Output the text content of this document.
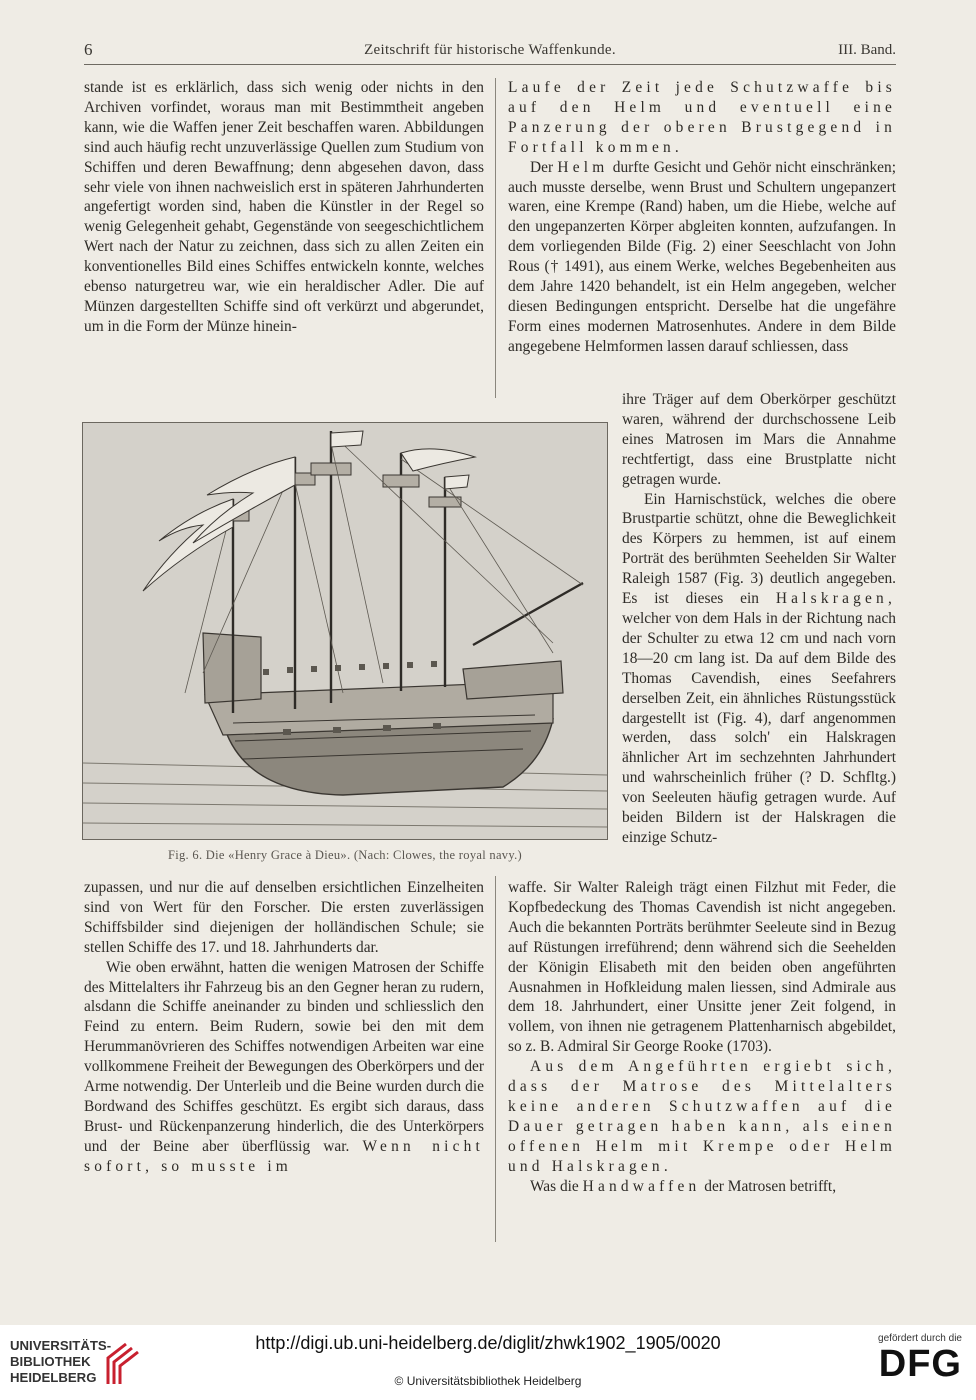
6	Zeitschrift für historische Waffenkunde.	III. Band.

stande ist es erklärlich, dass sich wenig oder nichts in den Archiven vorfindet, woraus man mit Bestimmtheit angeben kann, wie die Waffen jener Zeit beschaffen waren. Abbildungen sind auch häufig recht unzuverlässige Quellen zum Studium von Schiffen und deren Bewaffnung; denn abgesehen davon, dass sehr viele von ihnen nachweislich erst in späteren Jahrhunderten angefertigt worden sind, haben die Künstler in der Regel so wenig Gelegenheit gehabt, Gegenstände von seegeschichtlichem Wert nach der Natur zu zeichnen, dass sich zu allen Zeiten ein konventionelles Bild eines Schiffes entwickeln konnte, welches ebenso naturgetreu war, wie ein heraldischer Adler. Die auf Münzen dargestellten Schiffe sind oft verkürzt und abgerundet, um in die Form der Münze hinein-

Laufe der Zeit jede Schutzwaffe bis auf den Helm und eventuell eine Panzerung der oberen Brustgegend in Fortfall kommen.

Der Helm durfte Gesicht und Gehör nicht einschränken; auch musste derselbe, wenn Brust und Schultern ungepanzert waren, eine Krempe (Rand) haben, um die Hiebe, welche auf den ungepanzerten Körper abgleiten konnten, aufzufangen. In dem vorliegenden Bilde (Fig. 2) einer Seeschlacht von John Rous († 1491), aus einem Werke, welches Begebenheiten aus dem Jahre 1420 behandelt, ist ein Helm angegeben, welcher diesen Bedingungen entspricht. Derselbe hat die ungefähre Form eines modernen Matrosenhutes. Andere in dem Bilde angegebene Helmformen lassen darauf schliessen, dass

Fig. 6. Die «Henry Grace à Dieu». (Nach: Clowes, the royal navy.)

ihre Träger auf dem Oberkörper geschützt waren, während der durchschossene Leib eines Matrosen im Mars die Annahme rechtfertigt, dass eine Brustplatte nicht getragen wurde.

Ein Harnischstück, welches die obere Brustpartie schützt, ohne die Beweglichkeit des Körpers zu hemmen, ist auf einem Porträt des berühmten Seehelden Sir Walter Raleigh 1587 (Fig. 3) deutlich angegeben. Es ist dieses ein Halskragen, welcher von dem Hals in der Richtung nach der Schulter zu etwa 12 cm und nach vorn 18—20 cm lang ist. Da auf dem Bilde des Thomas Cavendish, eines Seefahrers derselben Zeit, ein ähnliches Rüstungsstück dargestellt ist (Fig. 4), darf angenommen werden, dass solch' ein Halskragen ähnlicher Art im sechzehnten Jahrhundert und wahrscheinlich früher (? D. Schfltg.) von Seeleuten häufig getragen wurde. Auf beiden Bildern ist der Halskragen die einzige Schutz-

zupassen, und nur die auf denselben ersichtlichen Einzelheiten sind von Wert für den Forscher. Die ersten zuverlässigen Schiffsbilder sind diejenigen der holländischen Schule; sie stellen Schiffe des 17. und 18. Jahrhunderts dar.

Wie oben erwähnt, hatten die wenigen Matrosen der Schiffe des Mittelalters ihr Fahrzeug bis an den Gegner heran zu rudern, alsdann die Schiffe aneinander zu binden und schliesslich den Feind zu entern. Beim Rudern, sowie bei den mit dem Herummanövrieren des Schiffes notwendigen Arbeiten war eine vollkommene Freiheit der Bewegungen des Oberkörpers und der Arme notwendig. Der Unterleib und die Beine wurden durch die Bordwand des Schiffes geschützt. Es ergibt sich daraus, dass Brust- und Rückenpanzerung hinderlich, die des Unterkörpers und der Beine aber überflüssig war. Wenn nicht sofort, so musste im

waffe. Sir Walter Raleigh trägt einen Filzhut mit Feder, die Kopfbedeckung des Thomas Cavendish ist nicht angegeben. Auch die bekannten Porträts berühmter Seeleute sind in Bezug auf Rüstungen irreführend; denn während sich die Seehelden der Königin Elisabeth mit den beiden oben angeführten Ausnahmen in Hofkleidung malen liessen, sind Admirale aus dem 18. Jahrhundert, einer Unsitte jener Zeit folgend, in vollem, von ihnen nie getragenem Plattenharnisch abgebildet, so z. B. Admiral Sir George Rooke (1703).

Aus dem Angeführten ergiebt sich, dass der Matrose des Mittelalters keine anderen Schutzwaffen auf die Dauer getragen haben kann, als einen offenen Helm mit Krempe oder Helm und Halskragen.

Was die Handwaffen der Matrosen betrifft,

UNIVERSITÄTS-
BIBLIOTHEK
HEIDELBERG
http://digi.ub.uni-heidelberg.de/diglit/zhwk1902_1905/0020
© Universitätsbibliothek Heidelberg
gefördert durch die
DFG
